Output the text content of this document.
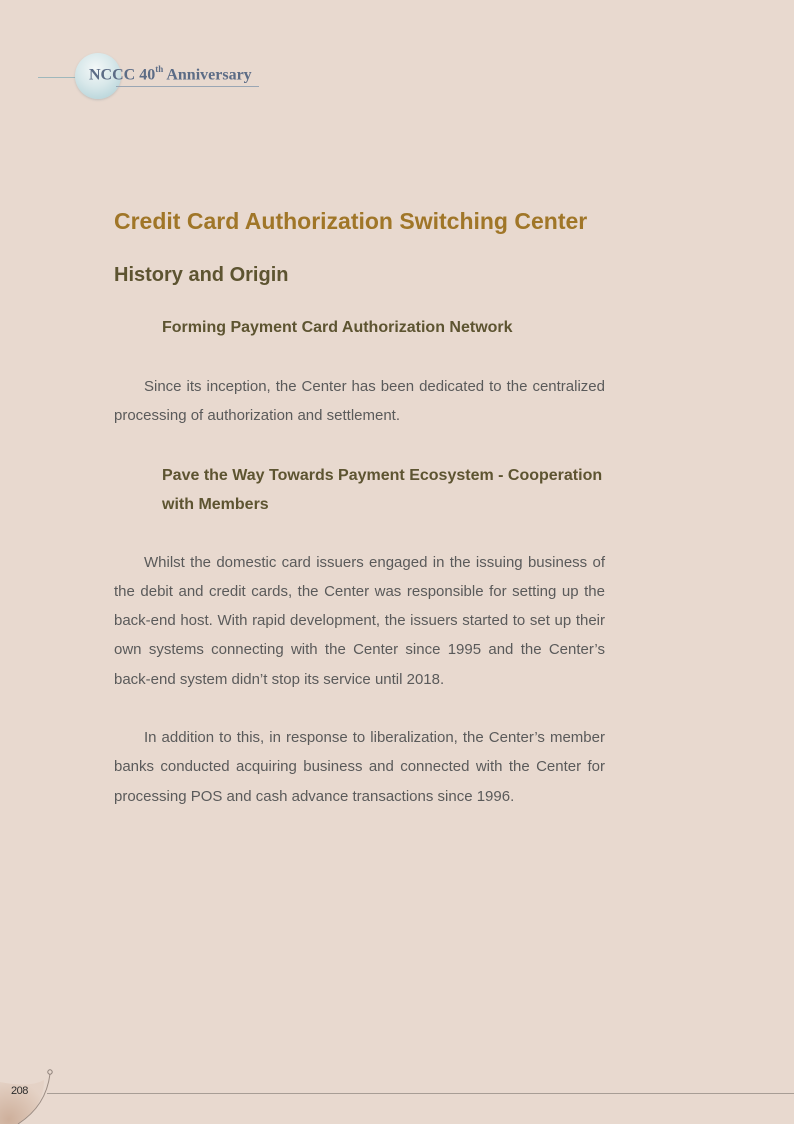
NCCC 40th Anniversary
Credit Card Authorization Switching Center
History and Origin
Forming Payment Card Authorization Network

Since its inception, the Center has been dedicated to the centralized processing of authorization and settlement.

Pave the Way Towards Payment Ecosystem - Cooperation with Members

Whilst the domestic card issuers engaged in the issuing business of the debit and credit cards, the Center was responsible for setting up the back-end host. With rapid development, the issuers started to set up their own systems connecting with the Center since 1995 and the Center’s back-end system didn’t stop its service until 2018.

In addition to this, in response to liberalization, the Center’s member banks conducted acquiring business and connected with the Center for processing POS and cash advance transactions since 1996.

208
